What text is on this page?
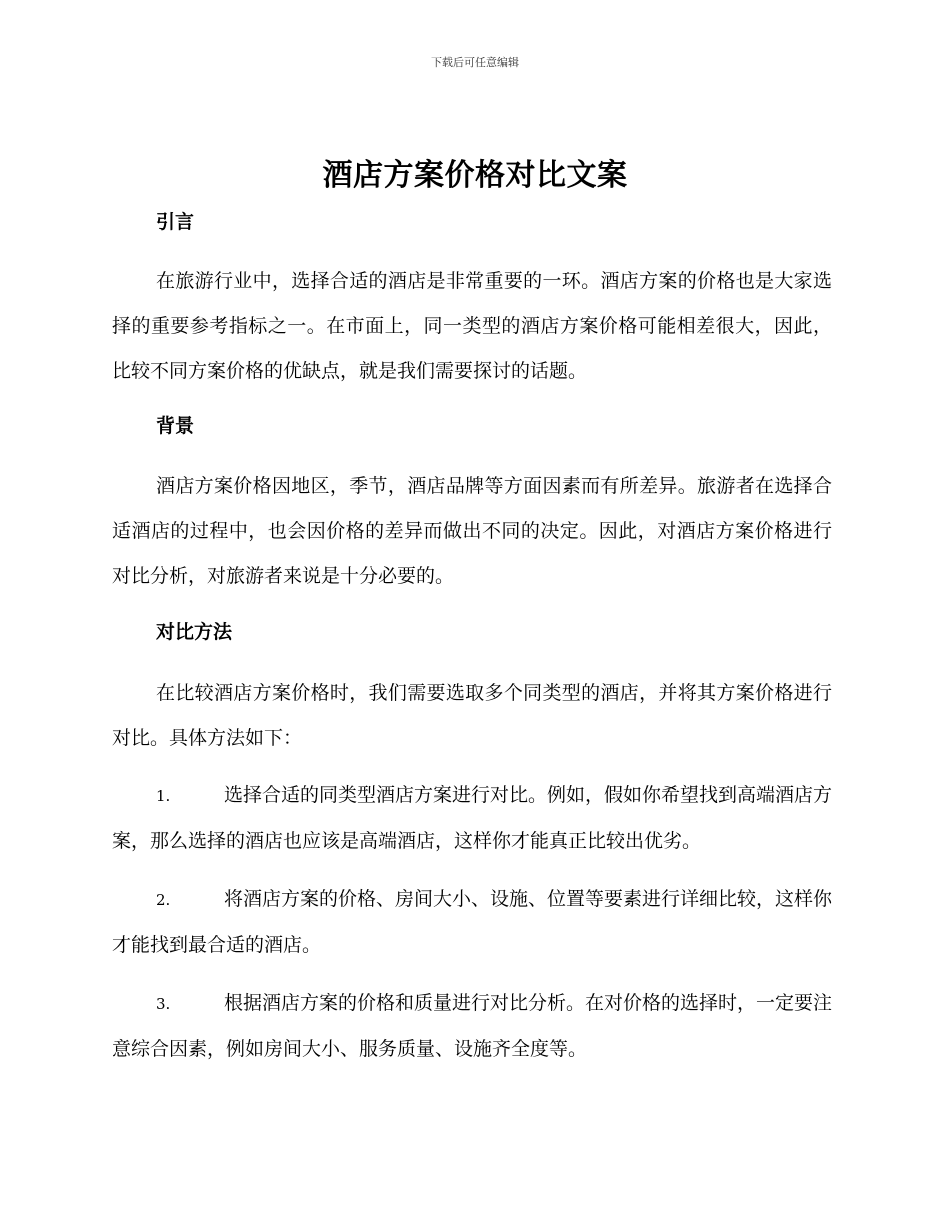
下载后可任意编辑
酒店方案价格对比文案
引言

在旅游行业中，选择合适的酒店是非常重要的一环。酒店方案的价格也是大家选择的重要参考指标之一。在市面上，同一类型的酒店方案价格可能相差很大，因此，比较不同方案价格的优缺点，就是我们需要探讨的话题。

背景

酒店方案价格因地区，季节，酒店品牌等方面因素而有所差异。旅游者在选择合适酒店的过程中，也会因价格的差异而做出不同的决定。因此，对酒店方案价格进行对比分析，对旅游者来说是十分必要的。

对比方法

在比较酒店方案价格时，我们需要选取多个同类型的酒店，并将其方案价格进行对比。具体方法如下：

1.	选择合适的同类型酒店方案进行对比。例如，假如你希望找到高端酒店方案，那么选择的酒店也应该是高端酒店，这样你才能真正比较出优劣。
2.	将酒店方案的价格、房间大小、设施、位置等要素进行详细比较，这样你才能找到最合适的酒店。
3.	根据酒店方案的价格和质量进行对比分析。在对价格的选择时，一定要注意综合因素，例如房间大小、服务质量、设施齐全度等。
